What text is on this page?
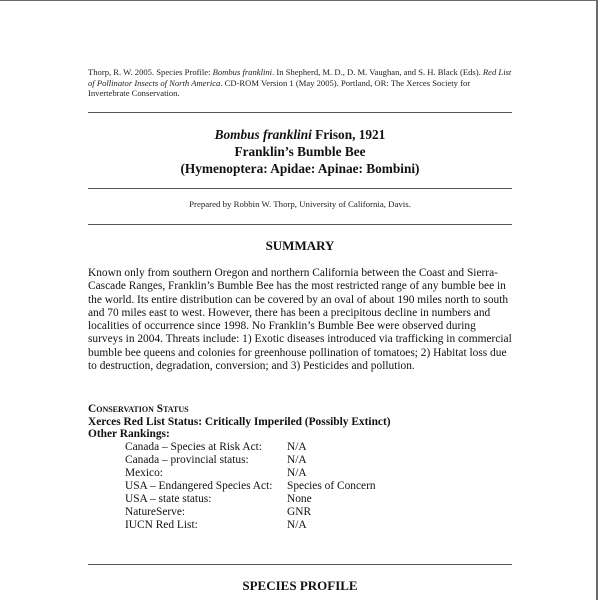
Thorp, R. W. 2005. Species Profile: Bombus franklini. In Shepherd, M. D., D. M. Vaughan, and S. H. Black (Eds). Red List of Pollinator Insects of North America. CD-ROM Version 1 (May 2005). Portland, OR: The Xerces Society for Invertebrate Conservation.
Bombus franklini Frison, 1921
Franklin’s Bumble Bee
(Hymenoptera: Apidae: Apinae: Bombini)
Prepared by Robbin W. Thorp, University of California, Davis.
SUMMARY
Known only from southern Oregon and northern California between the Coast and Sierra-Cascade Ranges, Franklin’s Bumble Bee has the most restricted range of any bumble bee in the world. Its entire distribution can be covered by an oval of about 190 miles north to south and 70 miles east to west. However, there has been a precipitous decline in numbers and localities of occurrence since 1998. No Franklin’s Bumble Bee were observed during surveys in 2004. Threats include: 1) Exotic diseases introduced via trafficking in commercial bumble bee queens and colonies for greenhouse pollination of tomatoes; 2) Habitat loss due to destruction, degradation, conversion; and 3) Pesticides and pollution.
Conservation Status
Xerces Red List Status: Critically Imperiled (Possibly Extinct)
Other Rankings:
Canada – Species at Risk Act:	N/A
Canada – provincial status:	N/A
Mexico:	N/A
USA – Endangered Species Act:	Species of Concern
USA – state status:	None
NatureServe:	GNR
IUCN Red List:	N/A
SPECIES PROFILE
